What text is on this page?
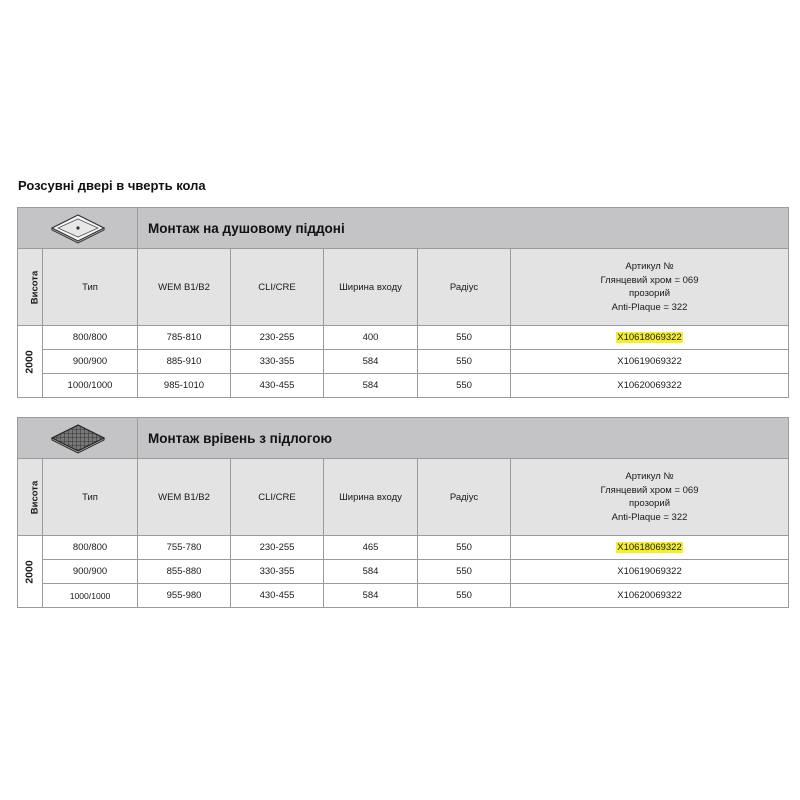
Розсувні двері в чверть кола
	Монтаж на душовому піддоні				
Висота	Тип	WEM B1/B2	CLI/CRE	Ширина входу	Радіус	Артикул №
Глянцевий хром = 069
прозорий
Anti-Plaque = 322

2000	800/800	785-810	230-255	400	550	X10618069322
	900/900	885-910	330-355	584	550	X10619069322
	1000/1000	985-1010	430-455	584	550	X10620069322
	Монтаж врівень з підлогою				
Висота	Тип	WEM B1/B2	CLI/CRE	Ширина входу	Радіус	Артикул №
Глянцевий хром = 069
прозорий
Anti-Plaque = 322

2000	800/800	755-780	230-255	465	550	X10618069322
	900/900	855-880	330-355	584	550	X10619069322
	1000/1000	955-980	430-455	584	550	X10620069322
